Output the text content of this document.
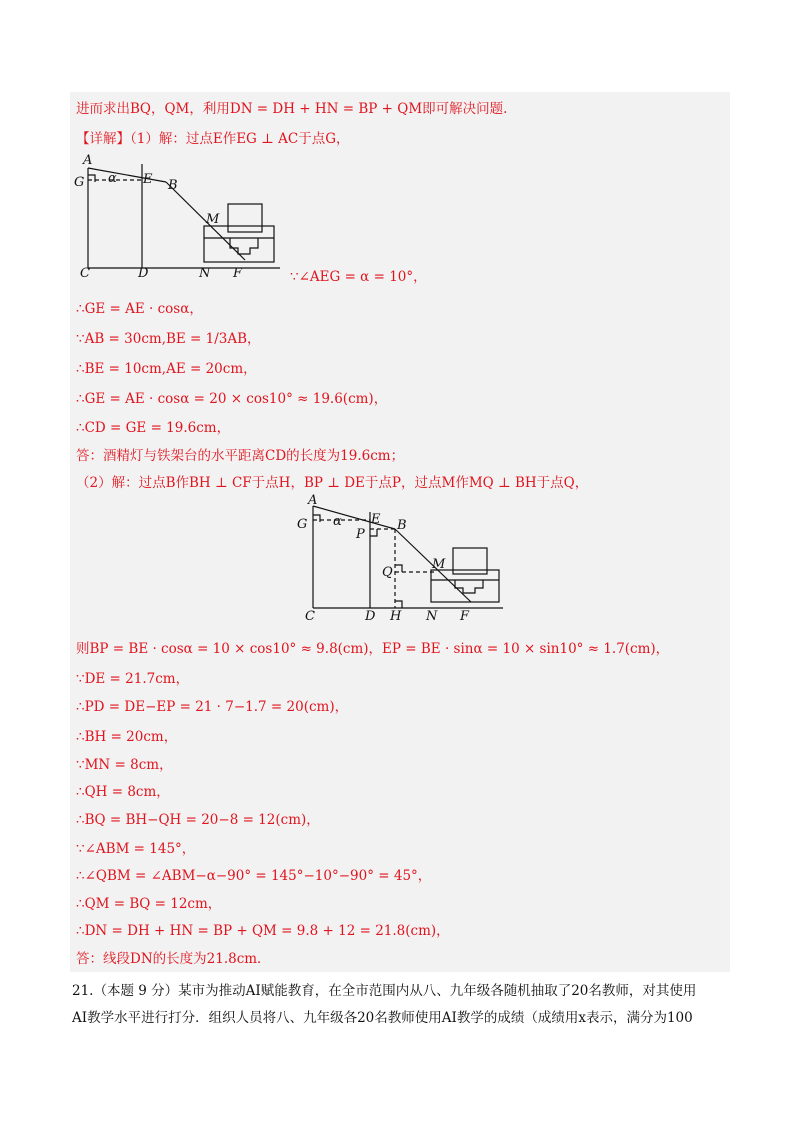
进而求出BQ，QM，利用DN = DH + HN = BP + QM即可解决问题.
【详解】（1）解：过点E作EG ⊥ AC于点G，
A
G α E B
M
C	D	N F	∵∠AEG = α = 10°，
∴GE = AE · cosα，
∵AB = 30cm,BE = 1/3AB，
∴BE = 10cm,AE = 20cm，
∴GE = AE · cosα = 20 × cos10° ≈ 19.6(cm)，
∴CD = GE = 19.6cm，
答：酒精灯与铁架台的水平距离CD的长度为19.6cm；
（2）解：过点B作BH ⊥ CF于点H，BP ⊥ DE于点P，过点M作MQ ⊥ BH于点Q，
A
G α E B
P
M
Q
C	D H N F
则BP = BE · cosα = 10 × cos10° ≈ 9.8(cm)，EP = BE · sinα = 10 × sin10° ≈ 1.7(cm)，
∵DE = 21.7cm，
∴PD = DE−EP = 21 · 7−1.7 = 20(cm)，
∴BH = 20cm，
∵MN = 8cm，
∴QH = 8cm，
∴BQ = BH−QH = 20−8 = 12(cm)，
∵∠ABM = 145°，
∴∠QBM = ∠ABM−α−90° = 145°−10°−90° = 45°，
∴QM = BQ = 12cm，
∴DN = DH + HN = BP + QM = 9.8 + 12 = 21.8(cm)，
答：线段DN的长度为21.8cm．
21.（本题 9 分）某市为推动AI赋能教育，在全市范围内从八、九年级各随机抽取了20名教师，对其使用
AI教学水平进行打分．组织人员将八、九年级各20名教师使用AI教学的成绩（成绩用x表示，满分为100
